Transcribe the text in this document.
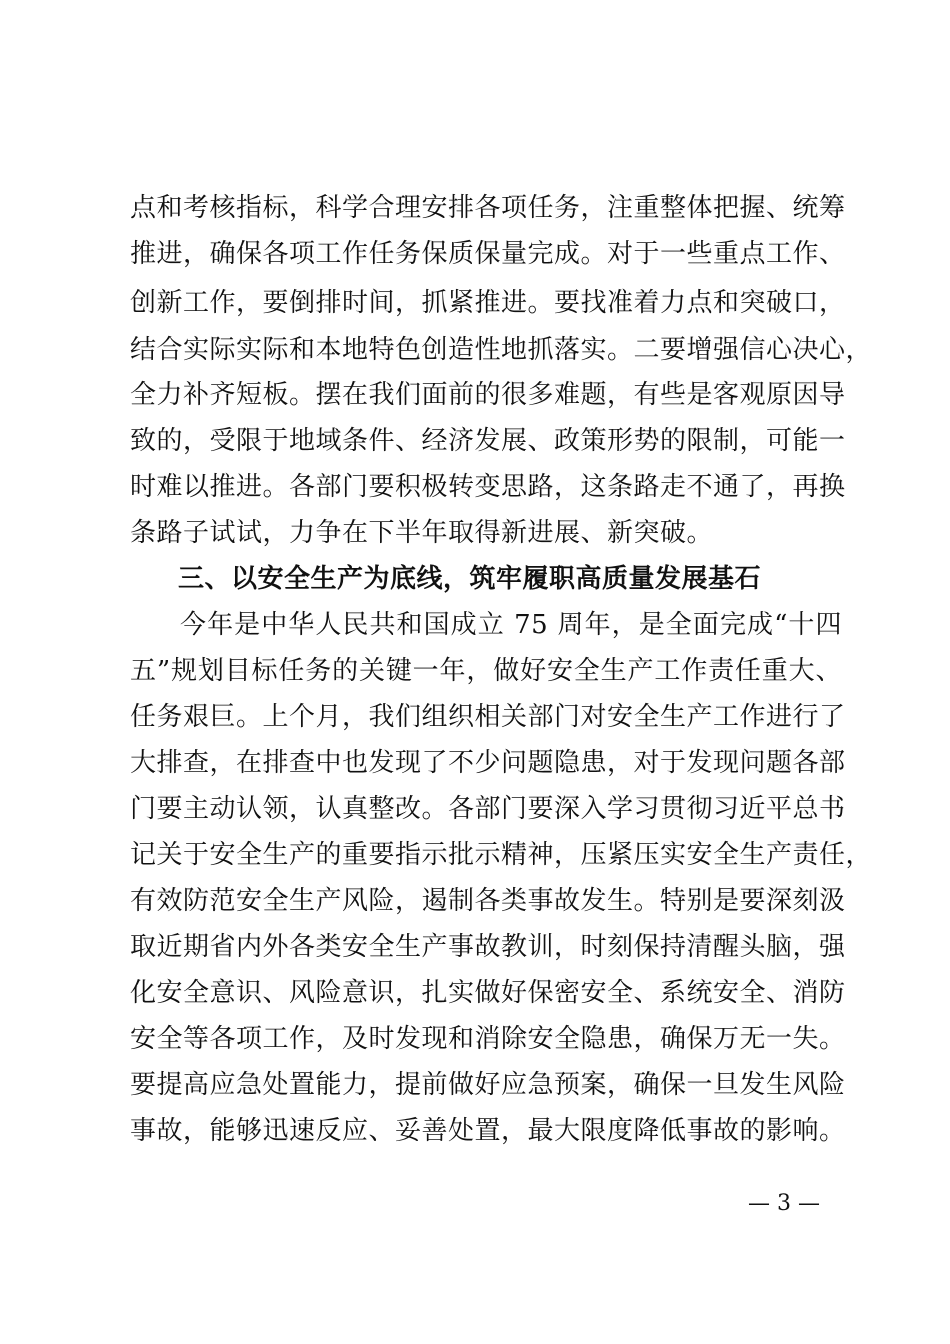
点和考核指标，科学合理安排各项任务，注重整体把握、统筹
推进，确保各项工作任务保质保量完成。对于一些重点工作、
创新工作，要倒排时间，抓紧推进。要找准着力点和突破口，
结合实际实际和本地特色创造性地抓落实。二要增强信心决心，
全力补齐短板。摆在我们面前的很多难题，有些是客观原因导
致的，受限于地域条件、经济发展、政策形势的限制，可能一
时难以推进。各部门要积极转变思路，这条路走不通了，再换
条路子试试，力争在下半年取得新进展、新突破。
三、以安全生产为底线，筑牢履职高质量发展基石
今年是中华人民共和国成立 75 周年，是全面完成“十四
五”规划目标任务的关键一年，做好安全生产工作责任重大、
任务艰巨。上个月，我们组织相关部门对安全生产工作进行了
大排查，在排查中也发现了不少问题隐患，对于发现问题各部
门要主动认领，认真整改。各部门要深入学习贯彻习近平总书
记关于安全生产的重要指示批示精神，压紧压实安全生产责任，
有效防范安全生产风险，遏制各类事故发生。特别是要深刻汲
取近期省内外各类安全生产事故教训，时刻保持清醒头脑，强
化安全意识、风险意识，扎实做好保密安全、系统安全、消防
安全等各项工作，及时发现和消除安全隐患，确保万无一失。
要提高应急处置能力，提前做好应急预案，确保一旦发生风险
事故，能够迅速反应、妥善处置，最大限度降低事故的影响。
— 3 —
